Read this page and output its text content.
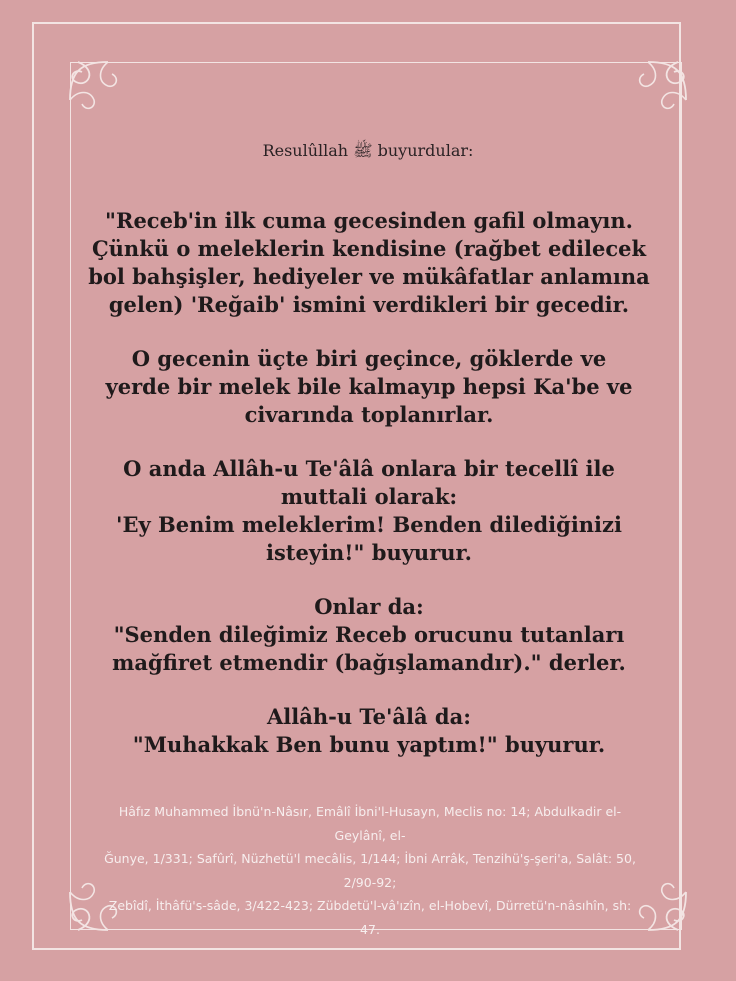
Resulûllah ﷺ buyurdular:

"Receb'in ilk cuma gecesinden gafil olmayın.
Çünkü o meleklerin kendisine (rağbet edilecek
bol bahşişler, hediyeler ve mükâfatlar anlamına
gelen) 'Reğaib' ismini verdikleri bir gecedir.

O gecenin üçte biri geçince, göklerde ve
yerde bir melek bile kalmayıp hepsi Ka'be ve
civarında toplanırlar.

O anda Allâh-u Te'âlâ onlara bir tecellî ile
muttali olarak:
'Ey Benim meleklerim! Benden dilediğinizi
isteyin!" buyurur.

Onlar da:
"Senden dileğimiz Receb orucunu tutanları
mağfiret etmendir (bağışlamandır)." derler.

Allâh-u Te'âlâ da:
"Muhakkak Ben bunu yaptım!" buyurur.

Hâfız Muhammed İbnü'n-Nâsır, Emâlî İbni'l-Husayn, Meclis no: 14; Abdulkadir el-Geylânî, el-
Ğunye, 1/331; Safûrî, Nüzhetü'l mecâlis, 1/144; İbni Arrâk, Tenzihü'ş-şeri'a, Salât: 50, 2/90-92;
Zebîdî, İthâfü's-sâde, 3/422-423; Zübdetü'l-vâ'ızîn, el-Hobevî, Dürretü'n-nâsıhîn, sh: 47.
